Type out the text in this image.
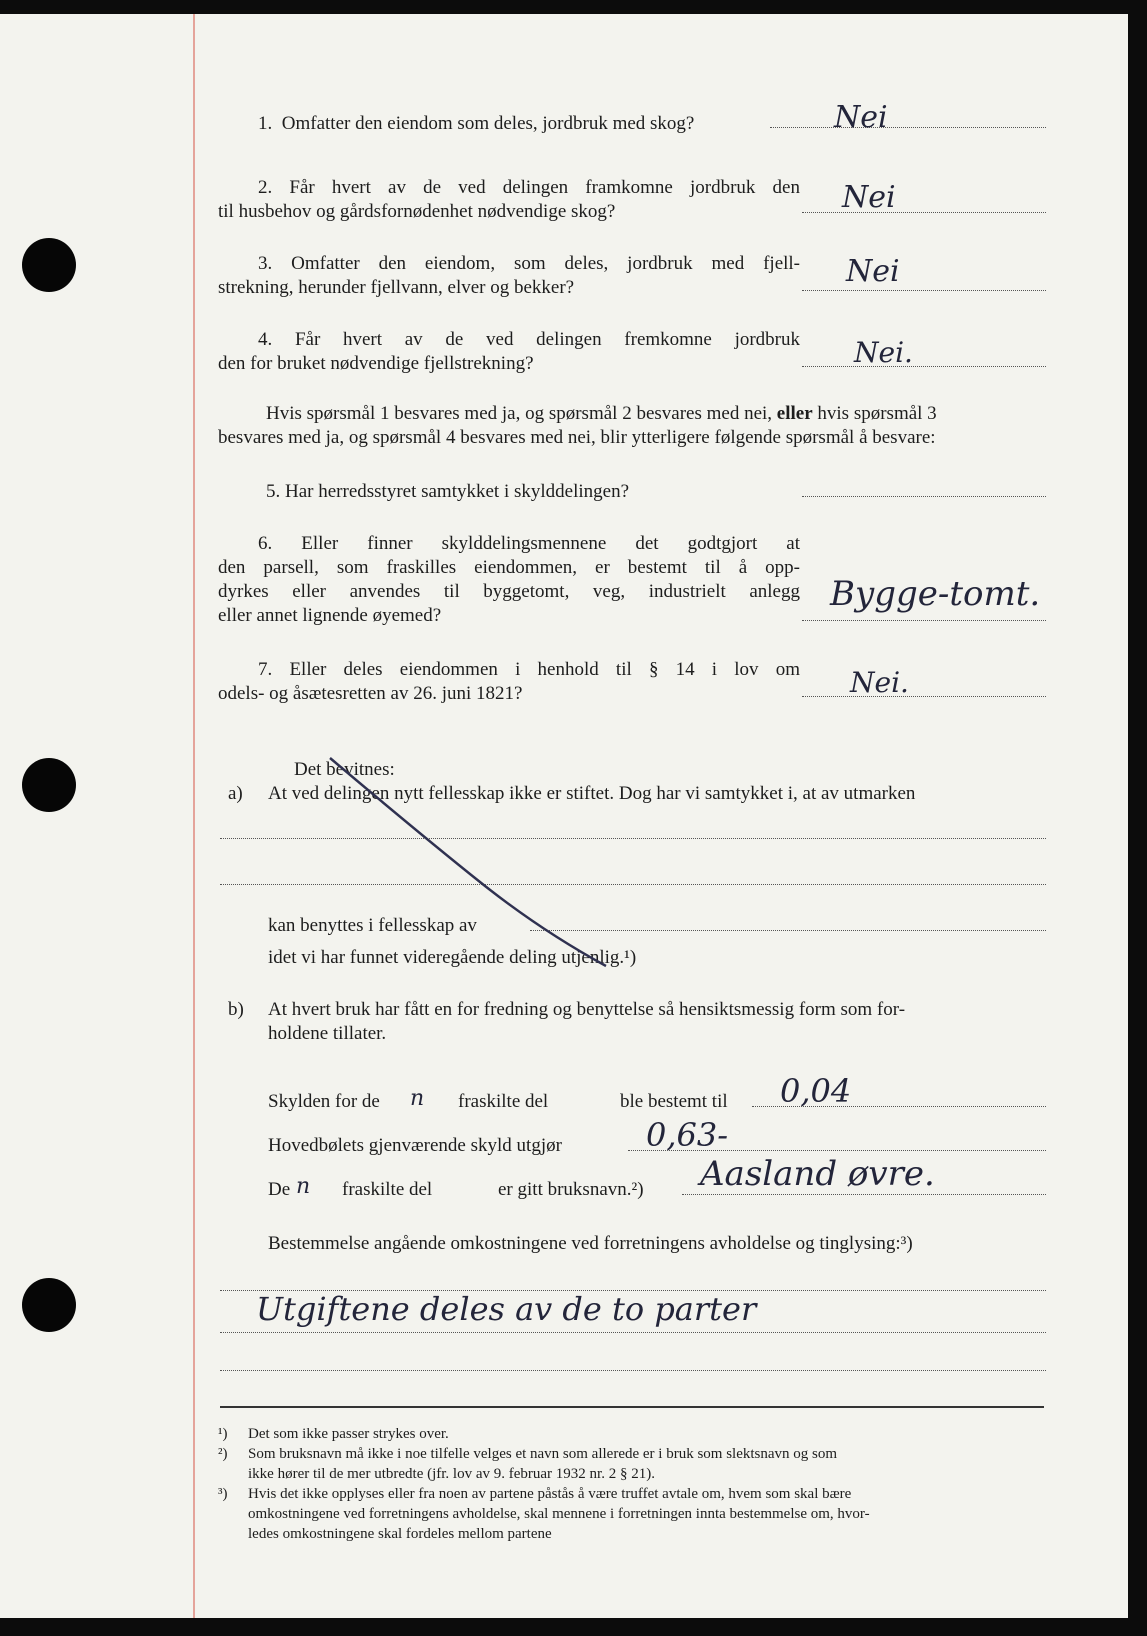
1. Omfatter den eiendom som deles, jordbruk med skog?	Nei
2. Får hvert av de ved delingen framkomne jordbruk den
til husbehov og gårdsfornødenhet nødvendige skog?	Nei
3. Omfatter den eiendom, som deles, jordbruk med fjell-
strekning, herunder fjellvann, elver og bekker?	Nei
4. Får hvert av de ved delingen fremkomne jordbruk
den for bruket nødvendige fjellstrekning?	Nei.
Hvis spørsmål 1 besvares med ja, og spørsmål 2 besvares med nei, eller hvis spørsmål 3
besvares med ja, og spørsmål 4 besvares med nei, blir ytterligere følgende spørsmål å besvare:
5. Har herredsstyret samtykket i skylddelingen?
6. Eller finner skylddelingsmennene det godtgjort at
den parsell, som fraskilles eiendommen, er bestemt til å opp-
dyrkes eller anvendes til byggetomt, veg, industrielt anlegg
eller annet lignende øyemed?
Bygge-tomt.
7. Eller deles eiendommen i henhold til § 14 i lov om
odels- og åsætesretten av 26. juni 1821?	Nei.
Det bevitnes:
a) At ved delingen nytt fellesskap ikke er stiftet. Dog har vi samtykket i, at av utmarken
kan benyttes i fellesskap av
idet vi har funnet videregående deling utjenlig.¹)
b) At hvert bruk har fått en for fredning og benyttelse så hensiktsmessig form som for-
holdene tillater.
Skylden for de n fraskilte del	ble bestemt til 0,04
Hovedbølets gjenværende skyld utgjør	0,63-
De n fraskilte del	er gitt bruksnavn.²) Aasland øvre.
Bestemmelse angående omkostningene ved forretningens avholdelse og tinglysing:³)
Utgiftene deles av de to parter
¹) Det som ikke passer strykes over.
²) Som bruksnavn må ikke i noe tilfelle velges et navn som allerede er i bruk som slektsnavn og som
ikke hører til de mer utbredte (jfr. lov av 9. februar 1932 nr. 2 § 21).
³) Hvis det ikke opplyses eller fra noen av partene påstås å være truffet avtale om, hvem som skal bære
omkostningene ved forretningens avholdelse, skal mennene i forretningen innta bestemmelse om, hvor-
ledes omkostningene skal fordeles mellom partene
